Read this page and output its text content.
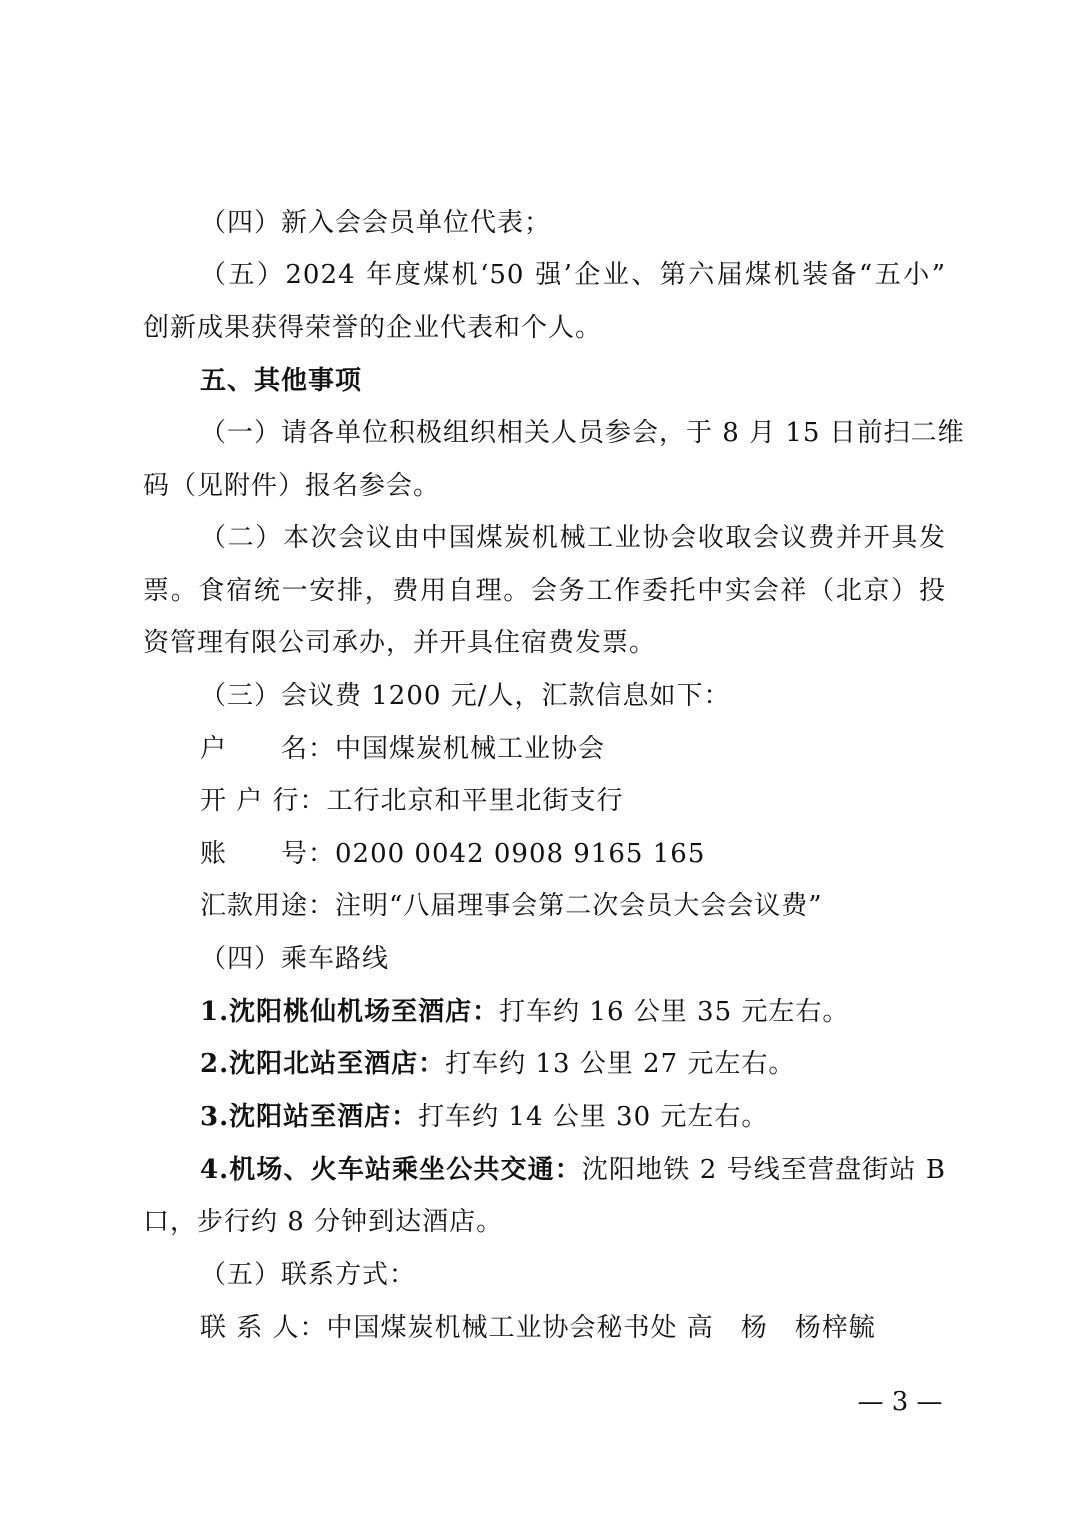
（四）新入会会员单位代表；
（五）2024 年度煤机‘50 强’企业、第六届煤机装备“五小”
创新成果获得荣誉的企业代表和个人。
五、其他事项
（一）请各单位积极组织相关人员参会，于 8 月 15 日前扫二维
码（见附件）报名参会。
（二）本次会议由中国煤炭机械工业协会收取会议费并开具发
票。食宿统一安排，费用自理。会务工作委托中实会祥（北京）投
资管理有限公司承办，并开具住宿费发票。
（三）会议费 1200 元/人，汇款信息如下：
户　　名：中国煤炭机械工业协会
开 户 行：工行北京和平里北街支行
账　　号：0200 0042 0908 9165 165
汇款用途：注明“八届理事会第二次会员大会会议费”
（四）乘车路线
1.沈阳桃仙机场至酒店：打车约 16 公里 35 元左右。
2.沈阳北站至酒店：打车约 13 公里 27 元左右。
3.沈阳站至酒店：打车约 14 公里 30 元左右。
4.机场、火车站乘坐公共交通：沈阳地铁 2 号线至营盘街站 B
口，步行约 8 分钟到达酒店。
（五）联系方式：
联 系 人：中国煤炭机械工业协会秘书处 高　杨　杨梓毓
— 3 —
